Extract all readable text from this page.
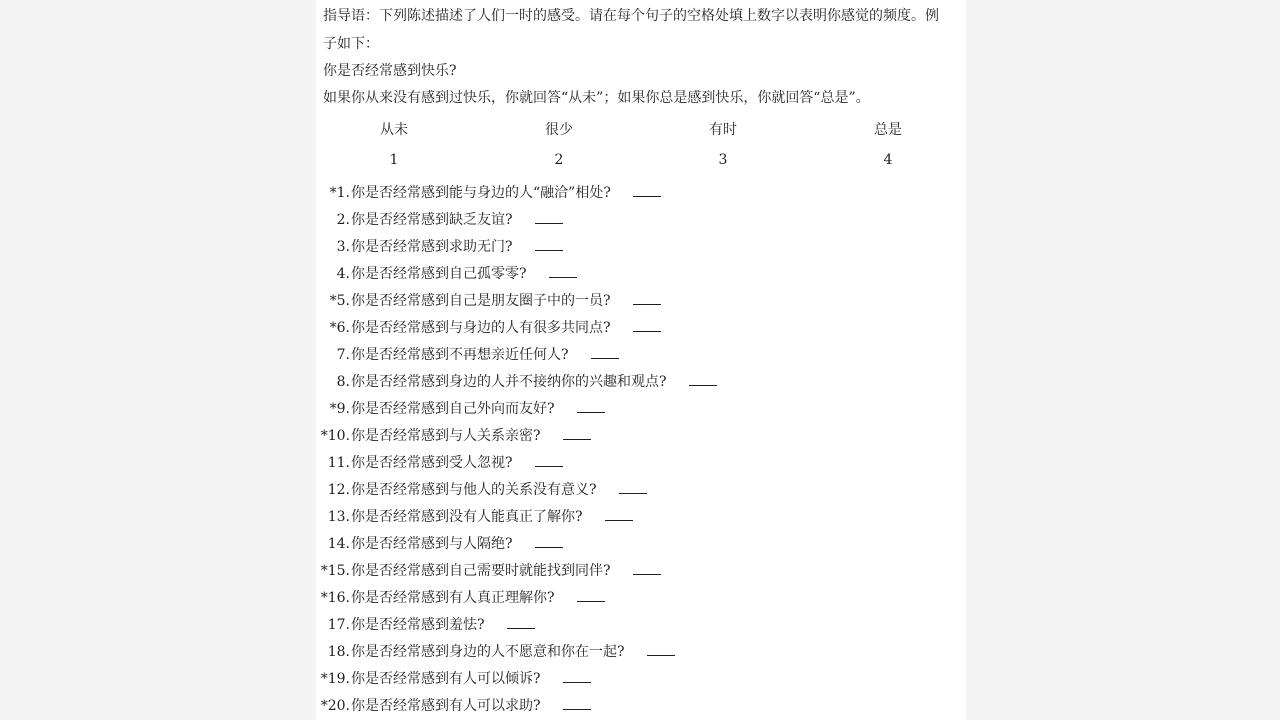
指导语：下列陈述描述了人们一时的感受。请在每个句子的空格处填上数字以表明你感觉的频度。例
子如下：
你是否经常感到快乐?
如果你从来没有感到过快乐，你就回答“从未”；如果你总是感到快乐，你就回答“总是”。
从未	很少	有时	总是
1	2	3	4
*1.你是否经常感到能与身边的人“融洽”相处?
2.你是否经常感到缺乏友谊?
3.你是否经常感到求助无门?
4.你是否经常感到自己孤零零?
*5.你是否经常感到自己是朋友圈子中的一员?
*6.你是否经常感到与身边的人有很多共同点?
7.你是否经常感到不再想亲近任何人?
8.你是否经常感到身边的人并不接纳你的兴趣和观点?
*9.你是否经常感到自己外向而友好?
*10.你是否经常感到与人关系亲密?
11.你是否经常感到受人忽视?
12.你是否经常感到与他人的关系没有意义?
13.你是否经常感到没有人能真正了解你?
14.你是否经常感到与人隔绝?
*15.你是否经常感到自己需要时就能找到同伴?
*16.你是否经常感到有人真正理解你?
17.你是否经常感到羞怯?
18.你是否经常感到身边的人不愿意和你在一起?
*19.你是否经常感到有人可以倾诉?
*20.你是否经常感到有人可以求助?
